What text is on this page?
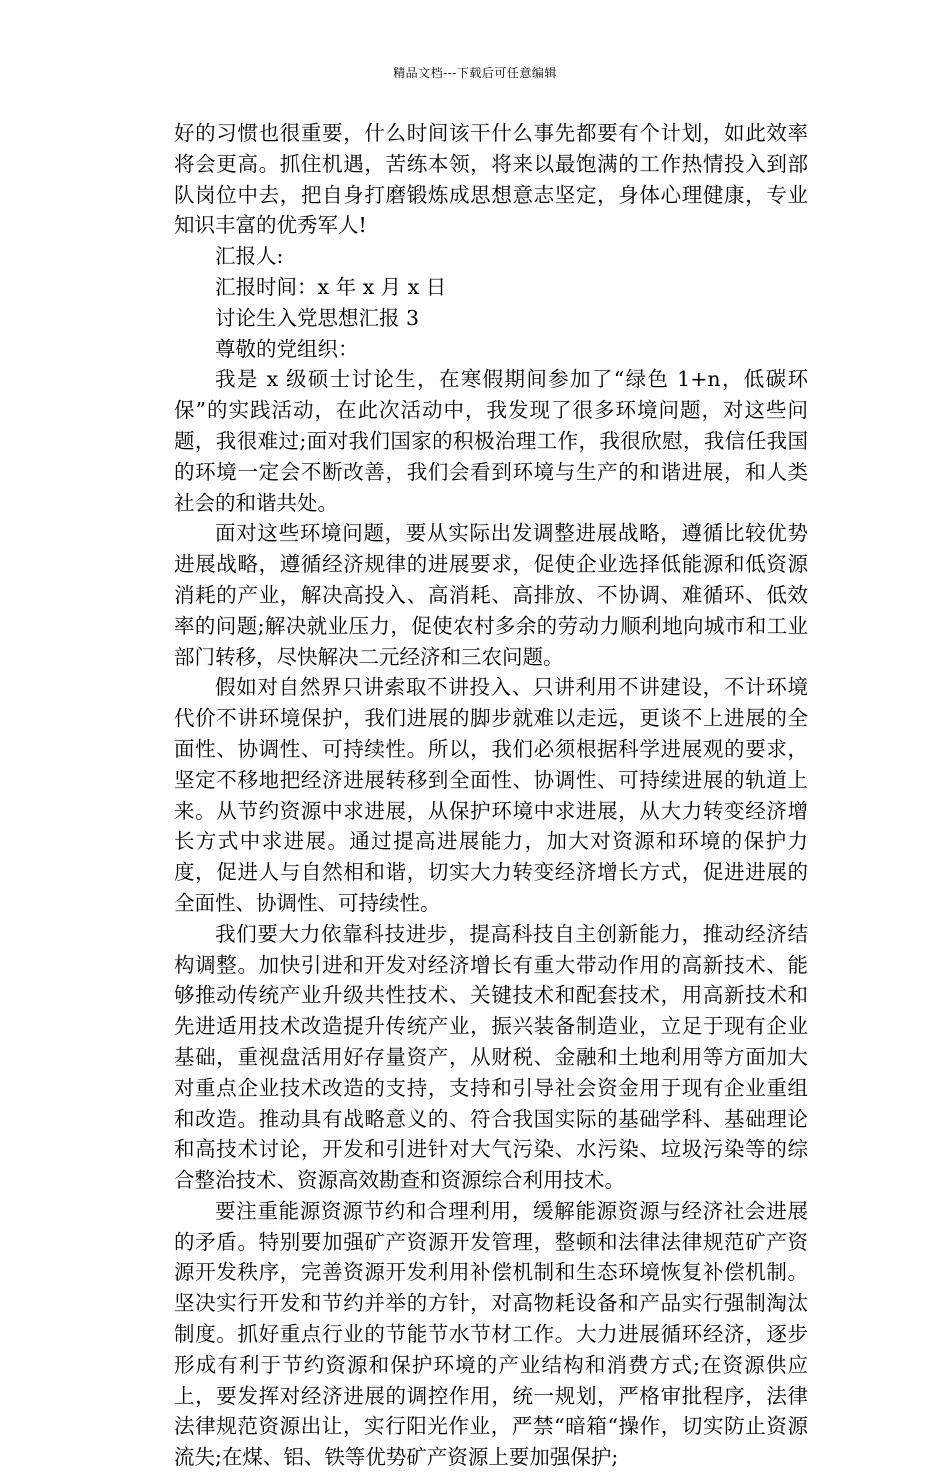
精品文档---下载后可任意编辑

好的习惯也很重要，什么时间该干什么事先都要有个计划，如此效率将会更高。抓住机遇，苦练本领，将来以最饱满的工作热情投入到部队岗位中去，把自身打磨锻炼成思想意志坚定，身体心理健康，专业知识丰富的优秀军人!

汇报人:

汇报时间：x 年 x 月 x 日

讨论生入党思想汇报 3

尊敬的党组织：

我是 x 级硕士讨论生，在寒假期间参加了“绿色 1+n，低碳环保”的实践活动，在此次活动中，我发现了很多环境问题，对这些问题，我很难过;面对我们国家的积极治理工作，我很欣慰，我信任我国的环境一定会不断改善，我们会看到环境与生产的和谐进展，和人类社会的和谐共处。

面对这些环境问题，要从实际出发调整进展战略，遵循比较优势进展战略，遵循经济规律的进展要求，促使企业选择低能源和低资源消耗的产业，解决高投入、高消耗、高排放、不协调、难循环、低效率的问题;解决就业压力，促使农村多余的劳动力顺利地向城市和工业部门转移，尽快解决二元经济和三农问题。

假如对自然界只讲索取不讲投入、只讲利用不讲建设，不计环境代价不讲环境保护，我们进展的脚步就难以走远，更谈不上进展的全面性、协调性、可持续性。所以，我们必须根据科学进展观的要求，坚定不移地把经济进展转移到全面性、协调性、可持续进展的轨道上来。从节约资源中求进展，从保护环境中求进展，从大力转变经济增长方式中求进展。通过提高进展能力，加大对资源和环境的保护力度，促进人与自然相和谐，切实大力转变经济增长方式，促进进展的全面性、协调性、可持续性。

我们要大力依靠科技进步，提高科技自主创新能力，推动经济结构调整。加快引进和开发对经济增长有重大带动作用的高新技术、能够推动传统产业升级共性技术、关键技术和配套技术，用高新技术和先进适用技术改造提升传统产业，振兴装备制造业，立足于现有企业基础，重视盘活用好存量资产，从财税、金融和土地利用等方面加大对重点企业技术改造的支持，支持和引导社会资金用于现有企业重组和改造。推动具有战略意义的、符合我国实际的基础学科、基础理论和高技术讨论，开发和引进针对大气污染、水污染、垃圾污染等的综合整治技术、资源高效勘查和资源综合利用技术。

要注重能源资源节约和合理利用，缓解能源资源与经济社会进展的矛盾。特别要加强矿产资源开发管理，整顿和法律法律规范矿产资源开发秩序，完善资源开发利用补偿机制和生态环境恢复补偿机制。坚决实行开发和节约并举的方针，对高物耗设备和产品实行强制淘汰制度。抓好重点行业的节能节水节材工作。大力进展循环经济，逐步形成有利于节约资源和保护环境的产业结构和消费方式;在资源供应上，要发挥对经济进展的调控作用，统一规划，严格审批程序，法律法律规范资源出让，实行阳光作业，严禁“暗箱“操作，切实防止资源流失;在煤、铝、铁等优势矿产资源上要加强保护;
